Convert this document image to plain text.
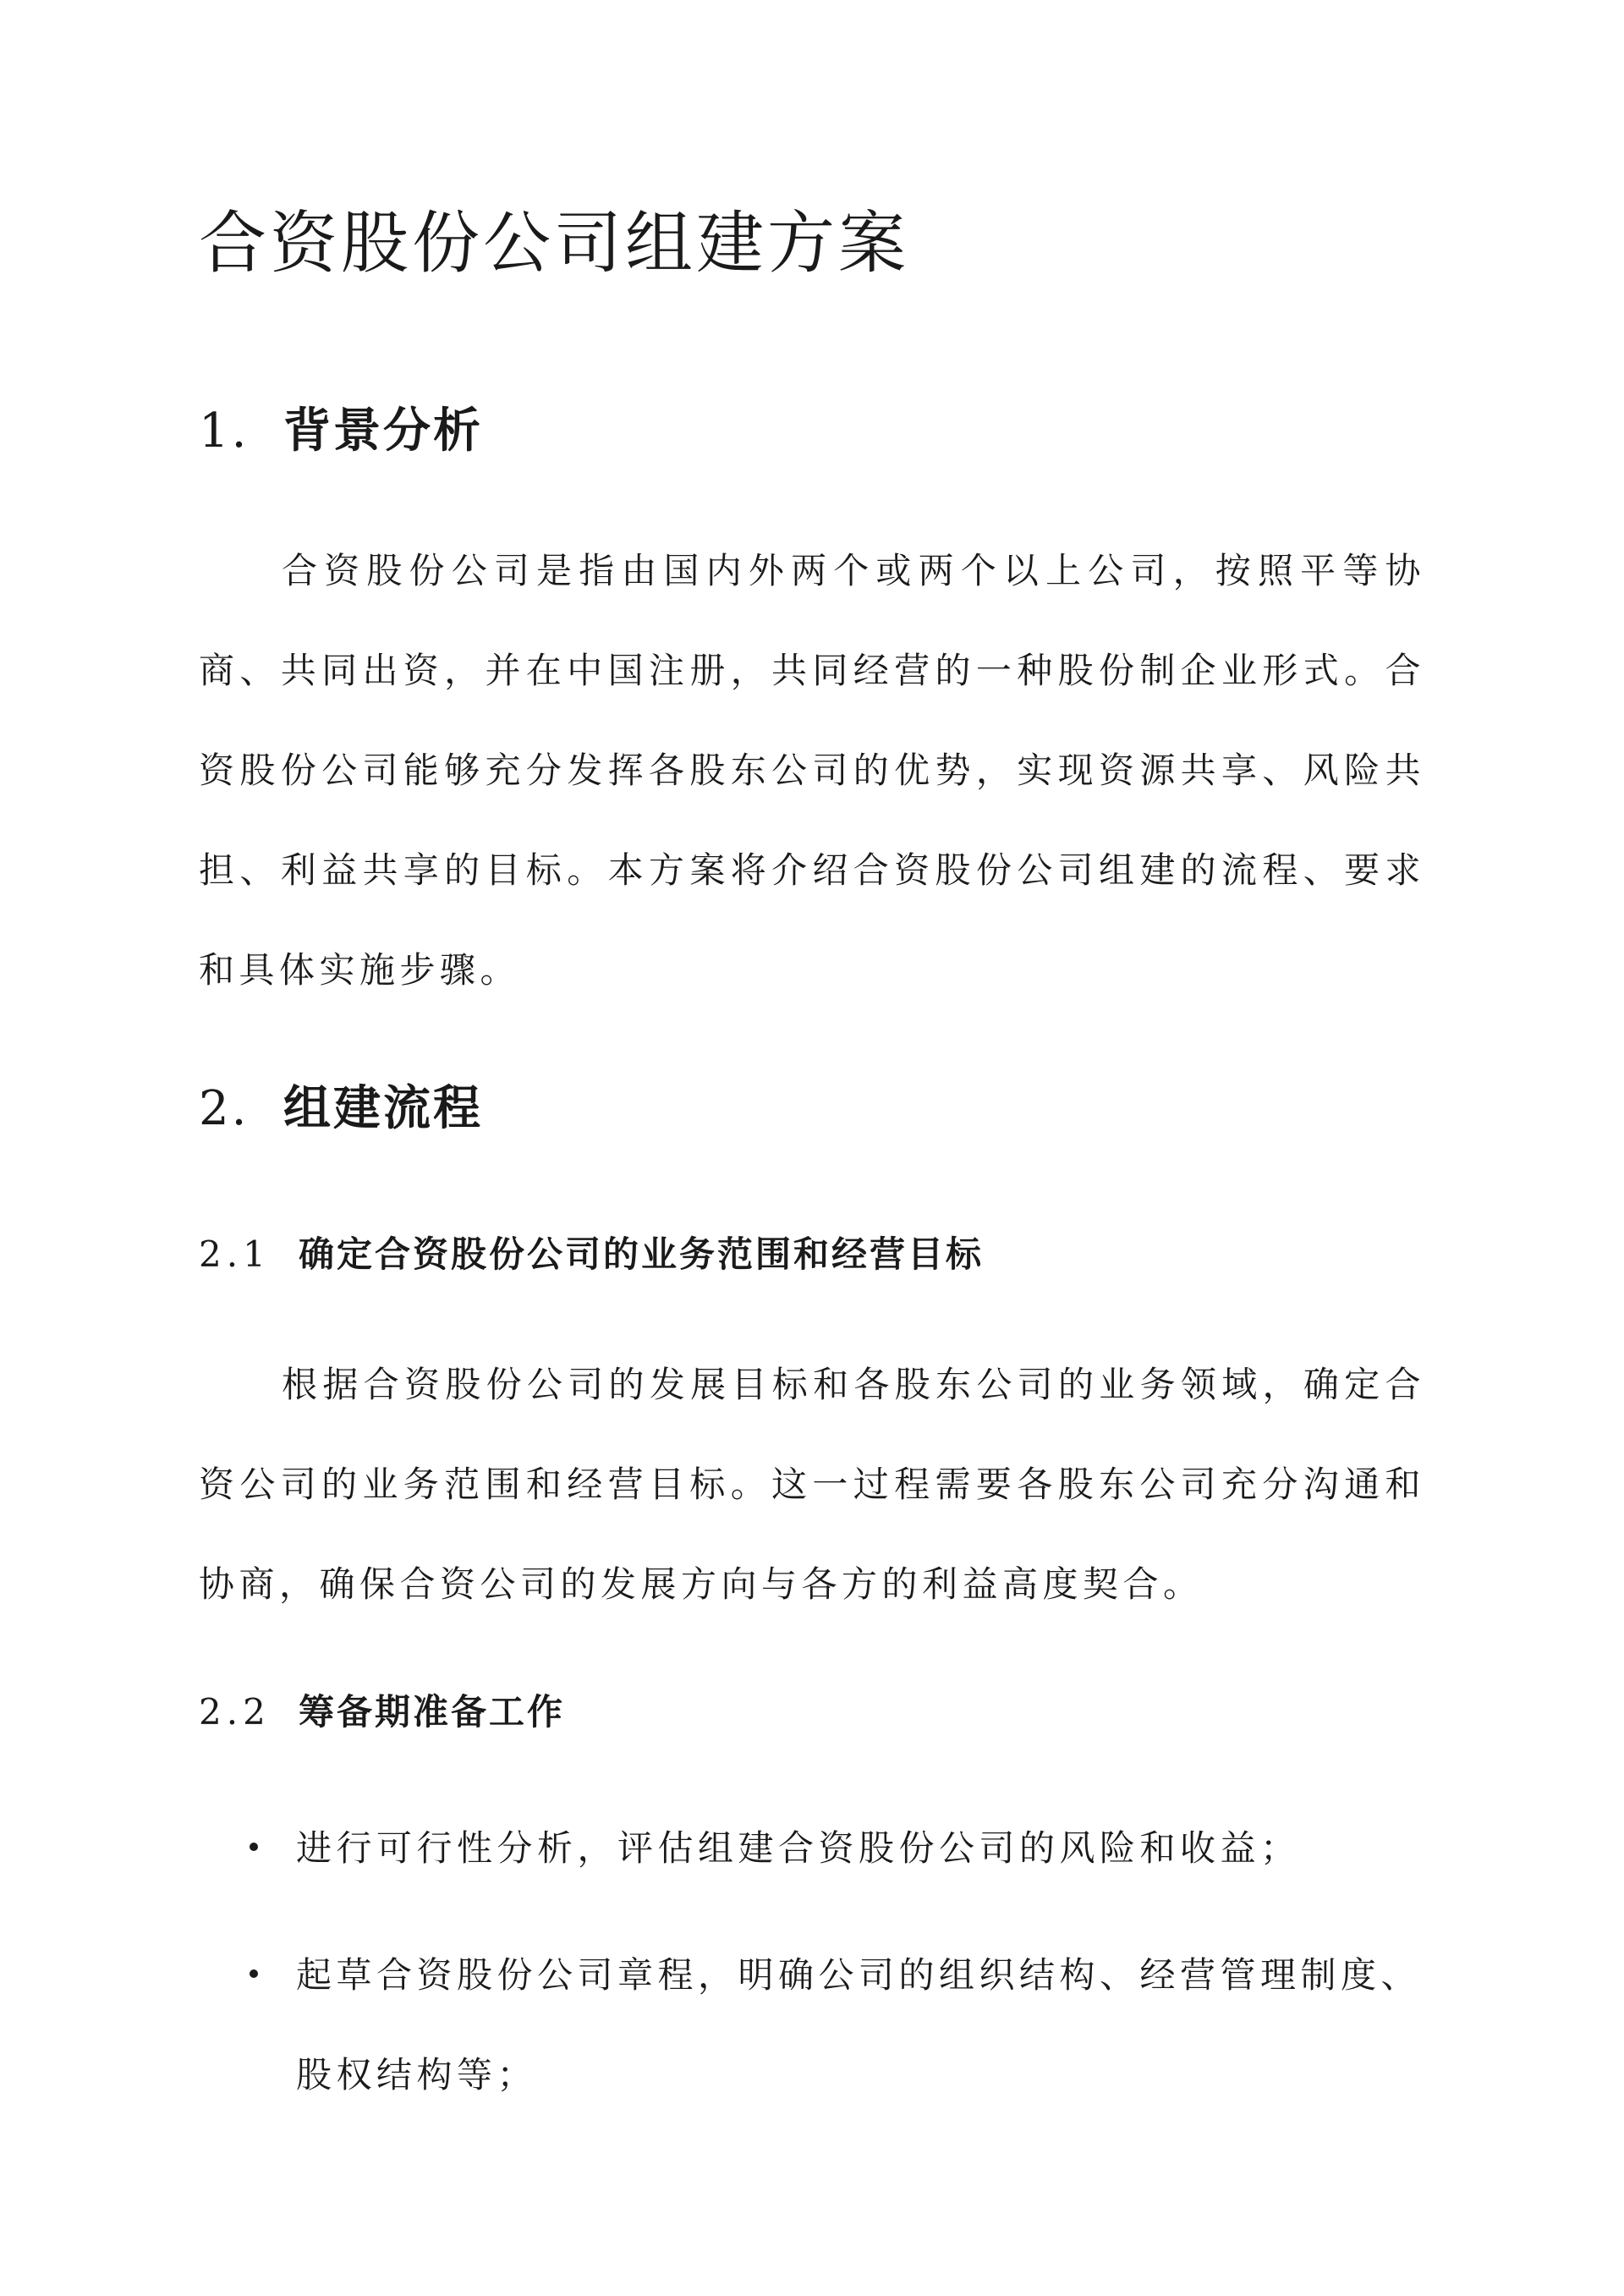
合资股份公司组建方案
1. 背景分析

合资股份公司是指由国内外两个或两个以上公司，按照平等协商、共同出资，并在中国注册，共同经营的一种股份制企业形式。合资股份公司能够充分发挥各股东公司的优势，实现资源共享、风险共担、利益共享的目标。本方案将介绍合资股份公司组建的流程、要求和具体实施步骤。

2. 组建流程
2.1 确定合资股份公司的业务范围和经营目标

根据合资股份公司的发展目标和各股东公司的业务领域，确定合资公司的业务范围和经营目标。这一过程需要各股东公司充分沟通和协商，确保合资公司的发展方向与各方的利益高度契合。

2.2 筹备期准备工作
进行可行性分析，评估组建合资股份公司的风险和收益；
起草合资股份公司章程，明确公司的组织结构、经营管理制度、股权结构等；
